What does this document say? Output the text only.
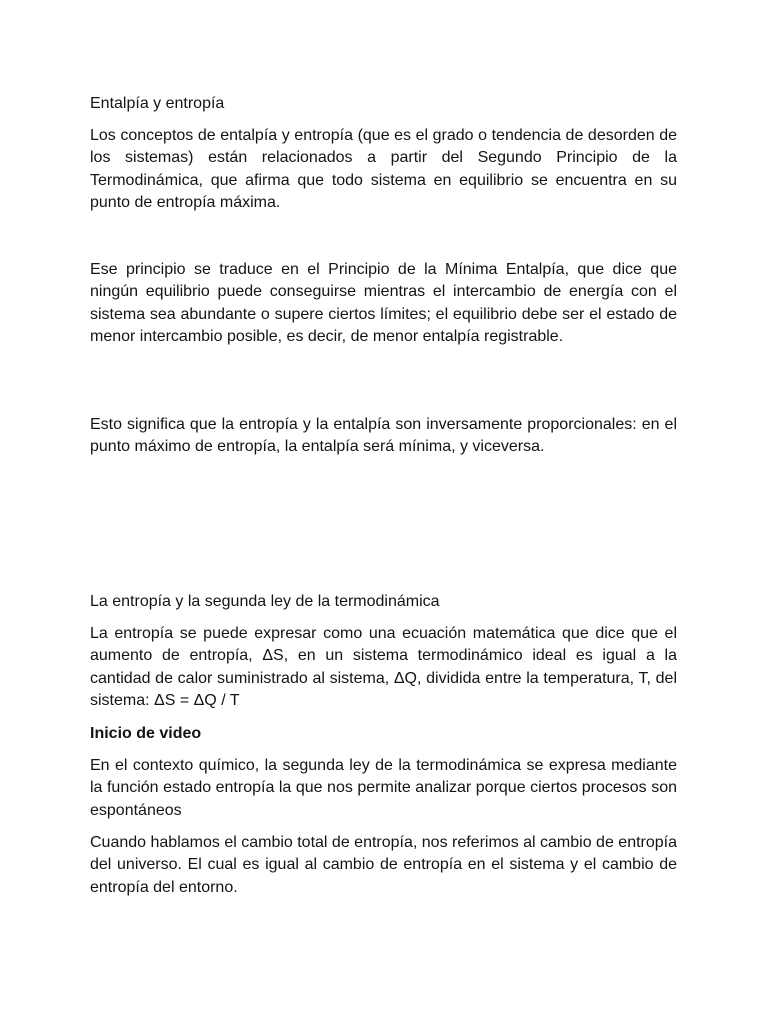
Entalpía y entropía

Los conceptos de entalpía y entropía (que es el grado o tendencia de desorden de los sistemas) están relacionados a partir del Segundo Principio de la Termodinámica, que afirma que todo sistema en equilibrio se encuentra en su punto de entropía máxima.

Ese principio se traduce en el Principio de la Mínima Entalpía, que dice que ningún equilibrio puede conseguirse mientras el intercambio de energía con el sistema sea abundante o supere ciertos límites; el equilibrio debe ser el estado de menor intercambio posible, es decir, de menor entalpía registrable.

Esto significa que la entropía y la entalpía son inversamente proporcionales: en el punto máximo de entropía, la entalpía será mínima, y viceversa.

La entropía y la segunda ley de la termodinámica

La entropía se puede expresar como una ecuación matemática que dice que el aumento de entropía, ΔS, en un sistema termodinámico ideal es igual a la cantidad de calor suministrado al sistema, ΔQ, dividida entre la temperatura, T, del sistema: ΔS = ΔQ / T

Inicio de video

En el contexto químico, la segunda ley de la termodinámica se expresa mediante la función estado entropía la que nos permite analizar porque ciertos procesos son espontáneos

Cuando hablamos el cambio total de entropía, nos referimos al cambio de entropía del universo. El cual es igual al cambio de entropía en el sistema y el cambio de entropía del entorno.
